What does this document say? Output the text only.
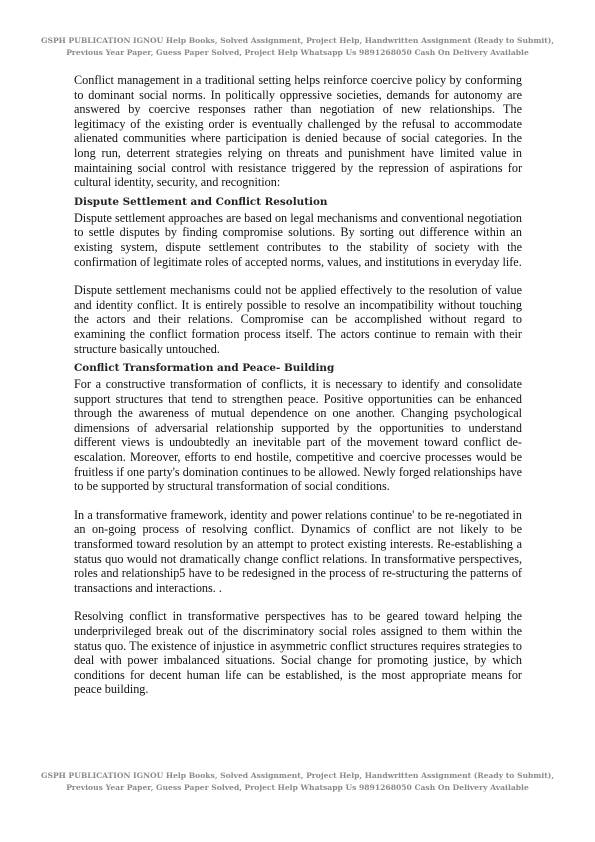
GSPH PUBLICATION IGNOU Help Books, Solved Assignment, Project Help, Handwritten Assignment (Ready to Submit), Previous Year Paper, Guess Paper Solved, Project Help Whatsapp Us 9891268050 Cash On Delivery Available

Conflict management in a traditional setting helps reinforce coercive policy by conforming to dominant social norms. In politically oppressive societies, demands for autonomy are answered by coercive responses rather than negotiation of new relationships. The legitimacy of the existing order is eventually challenged by the refusal to accommodate alienated communities where participation is denied because of social categories. In the long run, deterrent strategies relying on threats and punishment have limited value in maintaining social control with resistance triggered by the repression of aspirations for cultural identity, security, and recognition:

Dispute Settlement and Conflict Resolution

Dispute settlement approaches are based on legal mechanisms and conventional negotiation to settle disputes by finding compromise solutions. By sorting out difference within an existing system, dispute settlement contributes to the stability of society with the confirmation of legitimate roles of accepted norms, values, and institutions in everyday life.

Dispute settlement mechanisms could not be applied effectively to the resolution of value and identity conflict. It is entirely possible to resolve an incompatibility without touching the actors and their relations. Compromise can be accomplished without regard to examining the conflict formation process itself. The actors continue to remain with their structure basically untouched.

Conflict Transformation and Peace- Building

For a constructive transformation of conflicts, it is necessary to identify and consolidate support structures that tend to strengthen peace. Positive opportunities can be enhanced through the awareness of mutual dependence on one another. Changing psychological dimensions of adversarial relationship supported by the opportunities to understand different views is undoubtedly an inevitable part of the movement toward conflict de-escalation. Moreover, efforts to end hostile, competitive and coercive processes would be fruitless if one party's domination continues to be allowed. Newly forged relationships have to be supported by structural transformation of social conditions.

In a transformative framework, identity and power relations continue' to be re-negotiated in an on-going process of resolving conflict. Dynamics of conflict are not likely to be transformed toward resolution by an attempt to protect existing interests. Re-establishing a status quo would not dramatically change conflict relations. In transformative perspectives, roles and relationship5 have to be redesigned in the process of re-structuring the patterns of transactions and interactions. .

Resolving conflict in transformative perspectives has to be geared toward helping the underprivileged break out of the discriminatory social roles assigned to them within the status quo. The existence of injustice in asymmetric conflict structures requires strategies to deal with power imbalanced situations. Social change for promoting justice, by which conditions for decent human life can be established, is the most appropriate means for peace building.

GSPH PUBLICATION IGNOU Help Books, Solved Assignment, Project Help, Handwritten Assignment (Ready to Submit), Previous Year Paper, Guess Paper Solved, Project Help Whatsapp Us 9891268050 Cash On Delivery Available
